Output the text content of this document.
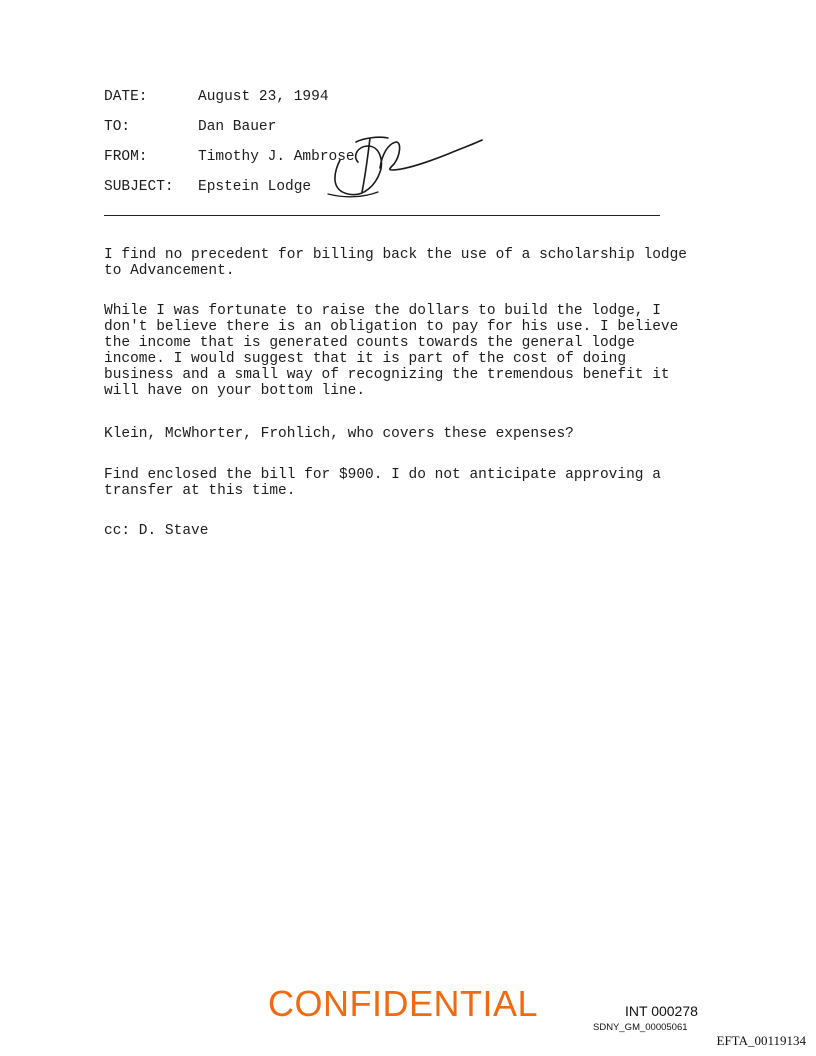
DATE:	August 23, 1994
TO:	Dan Bauer
FROM:	Timothy J. Ambrose
SUBJECT: Epstein Lodge
I find no precedent for billing back the use of a scholarship lodge
to Advancement.
While I was fortunate to raise the dollars to build the lodge, I
don't believe there is an obligation to pay for his use. I believe
the income that is generated counts towards the general lodge
income. I would suggest that it is part of the cost of doing
business and a small way of recognizing the tremendous benefit it
will have on your bottom line.
Klein, McWhorter, Frohlich, who covers these expenses?
Find enclosed the bill for $900. I do not anticipate approving a
transfer at this time.
cc: D. Stave
CONFIDENTIAL	INT 000278
SDNY_GM_00005061
EFTA_00119134
